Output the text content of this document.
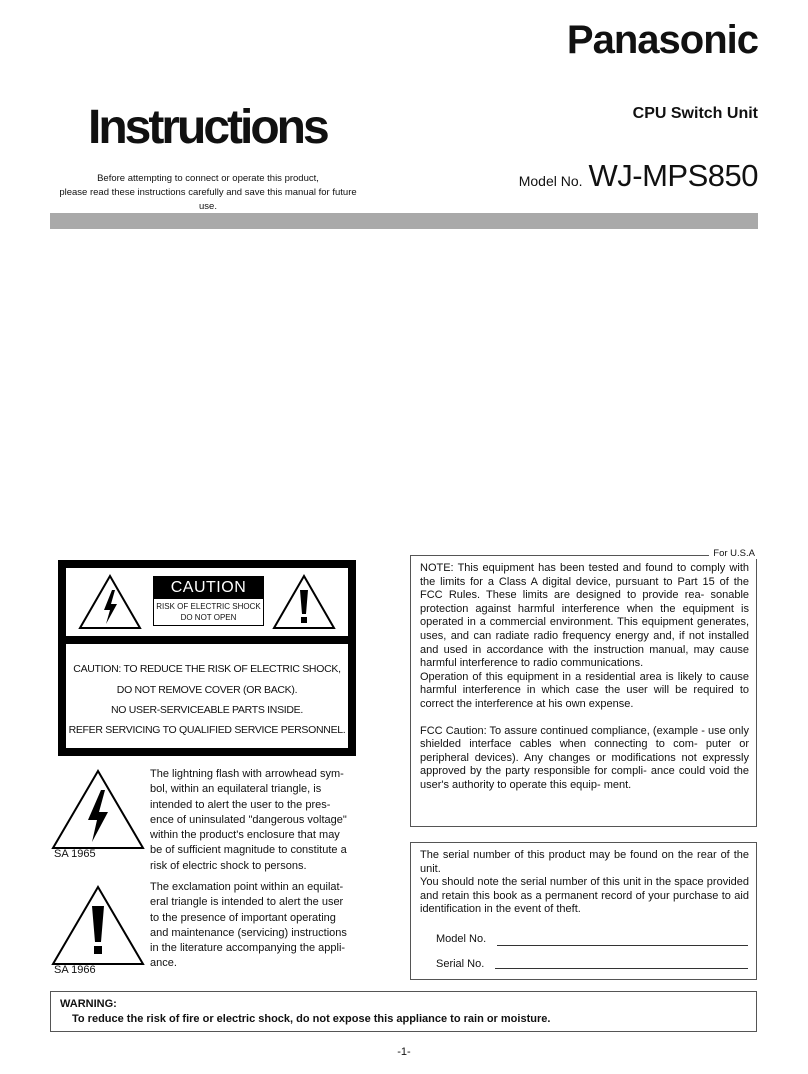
Panasonic
Instructions	CPU Switch Unit
Before attempting to connect or operate this product,
please read these instructions carefully and save this manual for future use.
Model No. WJ-MPS850
CAUTION
RISK OF ELECTRIC SHOCK
DO NOT OPEN
CAUTION: TO REDUCE THE RISK OF ELECTRIC SHOCK,
DO NOT REMOVE COVER (OR BACK).
NO USER-SERVICEABLE PARTS INSIDE.
REFER SERVICING TO QUALIFIED SERVICE PERSONNEL.
SA 1965
The lightning flash with arrowhead sym-
bol, within an equilateral triangle, is
intended to alert the user to the pres-
ence of uninsulated "dangerous voltage"
within the product's enclosure that may
be of sufficient magnitude to constitute a
risk of electric shock to persons.
SA 1966
The exclamation point within an equilat-
eral triangle is intended to alert the user
to the presence of important operating
and maintenance (servicing) instructions
in the literature accompanying the appli-
ance.
NOTE: This equipment has been tested and found to comply with the limits for a Class A digital device, pursuant to Part 15 of the FCC Rules. These limits are designed to provide rea- sonable protection against harmful interference when the equipment is operated in a commercial environment. This equipment generates, uses, and can radiate radio frequency energy and, if not installed and used in accordance with the instruction manual, may cause harmful interference to radio communications.
Operation of this equipment in a residential area is likely to cause harmful interference in which case the user will be required to correct the interference at his own expense.
FCC Caution: To assure continued compliance, (example - use only shielded interface cables when connecting to com- puter or peripheral devices). Any changes or modifications not expressly approved by the party responsible for compli- ance could void the user's authority to operate this equip- ment.
For U.S.A
The serial number of this product may be found on the rear of the unit.
You should note the serial number of this unit in the space provided and retain this book as a permanent record of your purchase to aid identification in the event of theft.
Model No.
Serial No.
WARNING:
To reduce the risk of fire or electric shock, do not expose this appliance to rain or moisture.
-1-
